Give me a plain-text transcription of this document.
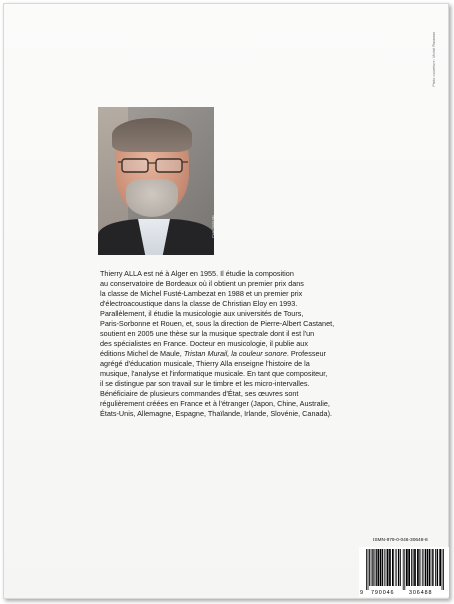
Photo couverture : Michel Plassman
Photo : Cécile Alla

Thierry ALLA est né à Alger en 1955. Il étudie la composition
au conservatoire de Bordeaux où il obtient un premier prix dans
la classe de Michel Fusté-Lambezat en 1988 et un premier prix
d'électroacoustique dans la classe de Christian Eloy en 1993.
Parallèlement, il étudie la musicologie aux universités de Tours,
Paris-Sorbonne et Rouen, et, sous la direction de Pierre-Albert Castanet,
soutient en 2005 une thèse sur la musique spectrale dont il est l'un
des spécialistes en France. Docteur en musicologie, il publie aux
éditions Michel de Maule, Tristan Murail, la couleur sonore. Professeur
agrégé d'éducation musicale, Thierry Alla enseigne l'histoire de la
musique, l'analyse et l'informatique musicale. En tant que compositeur,
il se distingue par son travail sur le timbre et les micro-intervalles.
Bénéficiaire de plusieurs commandes d'État, ses œuvres sont
régulièrement créées en France et à l'étranger (Japon, Chine, Australie,
États-Unis, Allemagne, Espagne, Thaïlande, Irlande, Slovénie, Canada).

ISMN-979-0-046-30648-8
9 790046	306488
